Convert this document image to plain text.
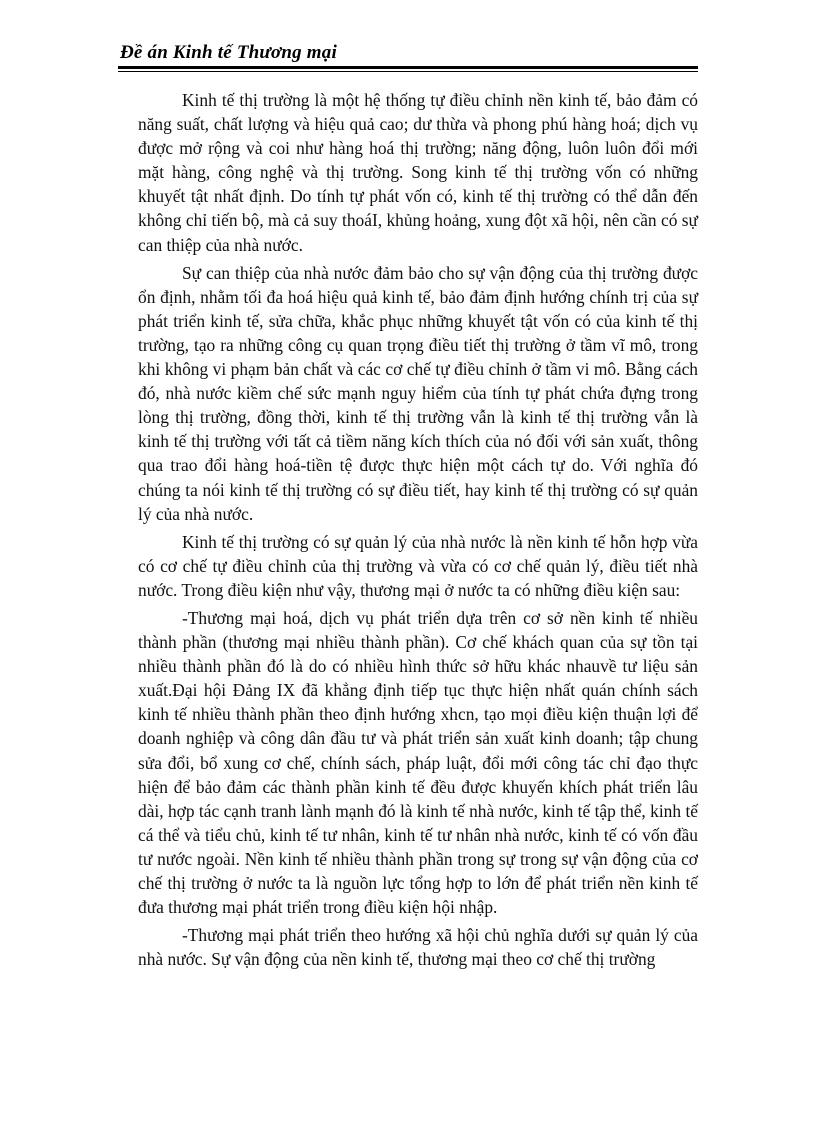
Đề án Kinh tế Thương mại

Kinh tế thị trường là một hệ thống tự điều chỉnh nền kinh tế, bảo đảm có năng suất, chất lượng và hiệu quả cao; dư thừa và phong phú hàng hoá; dịch vụ được mở rộng và coi như hàng hoá thị trường; năng động, luôn luôn đổi mới mặt hàng, công nghệ và thị trường. Song kinh tế thị trường vốn có những khuyết tật nhất định. Do tính tự phát vốn có, kinh tế thị trường có thể dẫn đến không chỉ tiến bộ, mà cả suy thoáI, khủng hoảng, xung đột xã hội, nên cần có sự can thiệp của nhà nước.

Sự can thiệp của nhà nước đảm bảo cho sự vận động của thị trường được ổn định, nhằm tối đa hoá hiệu quả kinh tế, bảo đảm định hướng chính trị của sự phát triển kinh tế, sửa chữa, khắc phục những khuyết tật vốn có của kinh tế thị trường, tạo ra những công cụ quan trọng điều tiết thị trường ở tầm vĩ mô, trong khi không vi phạm bản chất và các cơ chế tự điều chỉnh ở tầm vi mô. Bằng cách đó, nhà nước kiềm chế sức mạnh nguy hiểm của tính tự phát chứa đựng trong lòng thị trường, đồng thời, kinh tế thị trường vẫn là kinh tế thị trường vẫn là kinh tế thị trường với tất cả tiềm năng kích thích của nó đối với sản xuất, thông qua trao đổi hàng hoá-tiền tệ được thực hiện một cách tự do. Với nghĩa đó chúng ta nói kinh tế thị trường có sự điều tiết, hay kinh tế thị trường có sự quản lý của nhà nước.

Kinh tế thị trường có sự quản lý của nhà nước là nền kinh tế hỗn hợp vừa có cơ chế tự điều chỉnh của thị trường và vừa có cơ chế quản lý, điều tiết nhà nước. Trong điều kiện như vậy, thương mại ở nước ta có những điều kiện sau:

-Thương mại hoá, dịch vụ phát triển dựa trên cơ sở nền kinh tế nhiều thành phần (thương mại nhiều thành phần). Cơ chế khách quan của sự tồn tại nhiều thành phần đó là do có nhiều hình thức sở hữu khác nhauvề tư liệu sản xuất.Đại hội Đảng IX đã khẳng định tiếp tục thực hiện nhất quán chính sách kinh tế nhiều thành phần theo định hướng xhcn, tạo mọi điều kiện thuận lợi để doanh nghiệp và công dân đầu tư và phát triển sản xuất kinh doanh; tập chung sửa đổi, bổ xung cơ chế, chính sách, pháp luật, đổi mới công tác chỉ đạo thực hiện để bảo đảm các thành phần kinh tế đều được khuyến khích phát triển lâu dài, hợp tác cạnh tranh lành mạnh đó là kinh tế nhà nước, kinh tế tập thể, kinh tế cá thể và tiểu chủ, kinh tế tư nhân, kinh tế tư nhân nhà nước, kinh tế có vốn đầu tư nước ngoài. Nền kinh tế nhiều thành phần trong sự trong sự vận động của cơ chế thị trường ở nước ta là nguồn lực tổng hợp to lớn để phát triển nền kinh tế đưa thương mại phát triển trong điều kiện hội nhập.

-Thương mại phát triển theo hướng xã hội chủ nghĩa dưới sự quản lý của nhà nước. Sự vận động của nền kinh tế, thương mại theo cơ chế thị trường
